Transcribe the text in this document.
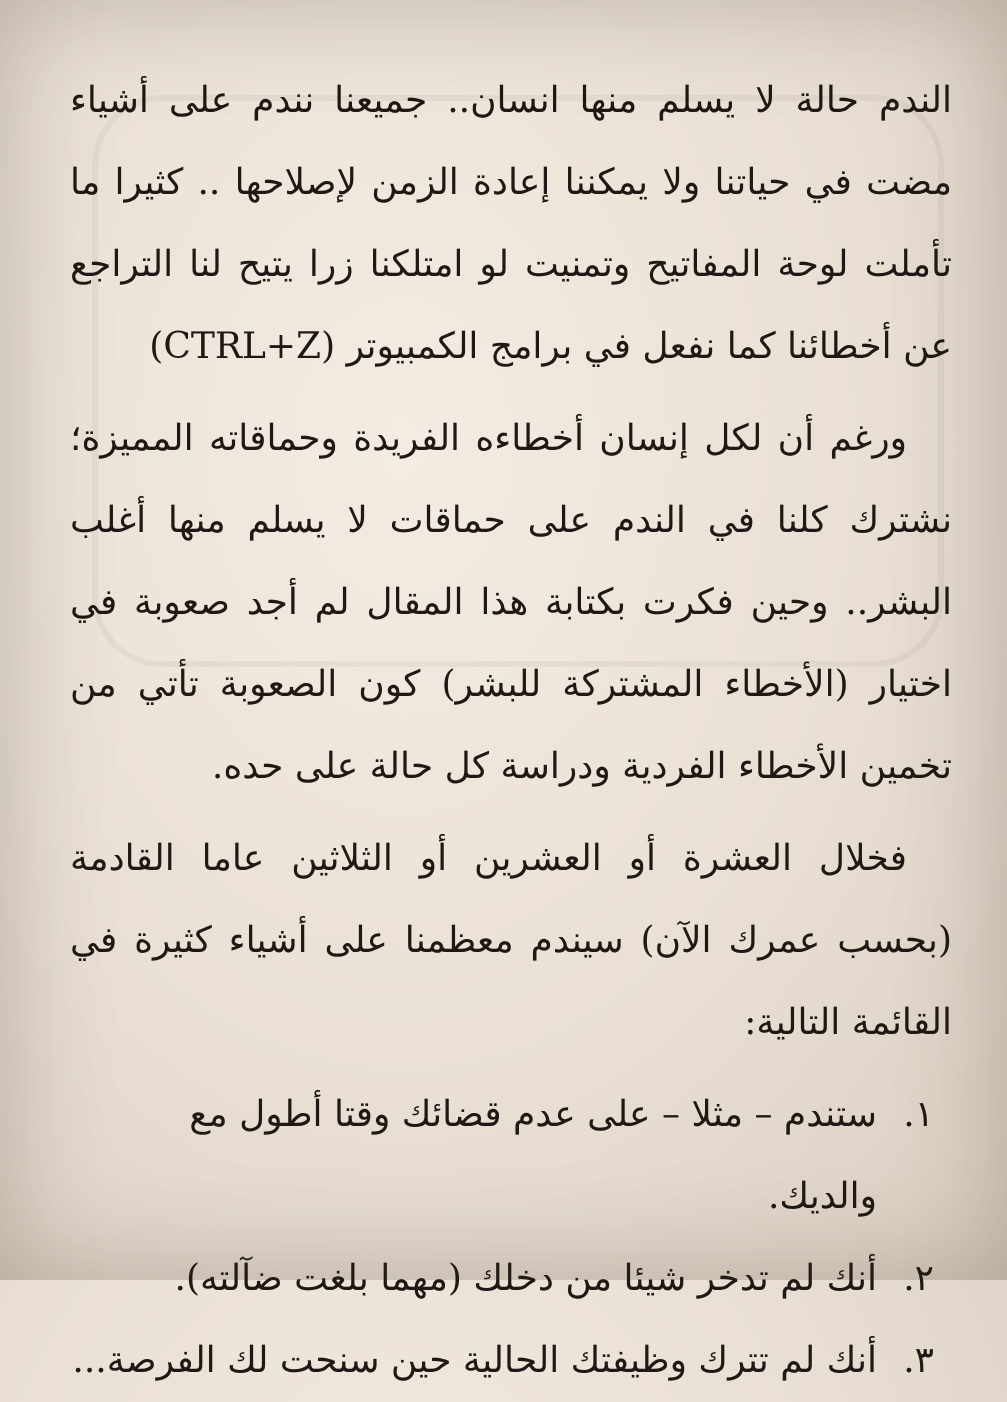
الندم حالة لا يسلم منها انسان.. جميعنا نندم على أشياء مضت في حياتنا ولا يمكننا إعادة الزمن لإصلاحها .. كثيرا ما تأملت لوحة المفاتيح وتمنيت لو امتلكنا زرا يتيح لنا التراجع عن أخطائنا كما نفعل في برامج الكمبيوتر (CTRL+Z)

ورغم أن لكل إنسان أخطاءه الفريدة وحماقاته المميزة؛ نشترك كلنا في الندم على حماقات لا يسلم منها أغلب البشر.. وحين فكرت بكتابة هذا المقال لم أجد صعوبة في اختيار (الأخطاء المشتركة للبشر) كون الصعوبة تأتي من تخمين الأخطاء الفردية ودراسة كل حالة على حده.

فخلال العشرة أو العشرين أو الثلاثين عاما القادمة (بحسب عمرك الآن) سيندم معظمنا على أشياء كثيرة في القائمة التالية:

١.
ستندم – مثلا – على عدم قضائك وقتا أطول مع والديك.
٢.
أنك لم تدخر شيئا من دخلك (مهما بلغت ضآلته).
٣.
أنك لم تترك وظيفتك الحالية حين سنحت لك الفرصة...
